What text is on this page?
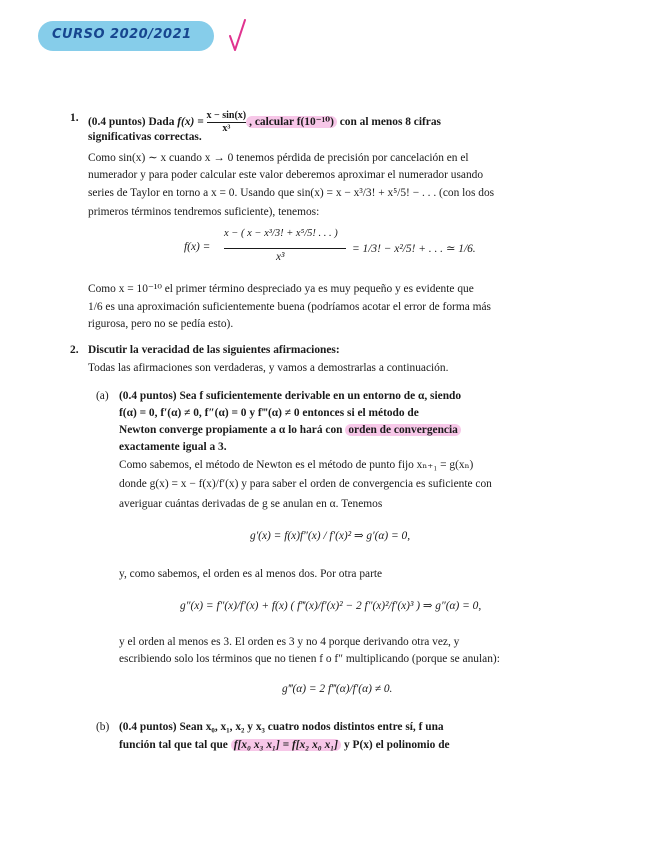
CURSO 2020/2021
1. (0.4 puntos) Dada $f(x) = \frac{x - \sin(x)}{\text{x³}}$ , calcular f(10⁻¹⁰) con al menos 8 cifras
significativas correctas.
Como sin(x) ∼ x cuando x → 0 tenemos pérdida de precisión por cancelación en el
numerador y para poder calcular este valor deberemos aproximar el numerador usando
series de Taylor en torno a x = 0. Usando que sin(x) = x − x³/3! + x⁵/5! − . . . (con los dos
primeros términos tendremos suficiente), tenemos:
f(x) =
x − ( x − x³/3! + x⁵/5! . . . )
x³
= 1/3! − x²/5! + . . . ≃ 1/6.
Como x = 10⁻¹⁰ el primer término despreciado ya es muy pequeño y es evidente que
1/6 es una aproximación suficientemente buena (podríamos acotar el error de forma más
rigurosa, pero no se pedía esto).
2. Discutir la veracidad de las siguientes afirmaciones:
Todas las afirmaciones son verdaderas, y vamos a demostrarlas a continuación.
(a) (0.4 puntos) Sea f suficientemente derivable en un entorno de α, siendo
f(α) = 0, f′(α) ≠ 0, f″(α) = 0 y f‴(α) ≠ 0 entonces si el método de
Newton converge propiamente a α lo hará con orden de convergencia
exactamente igual a 3.
Como sabemos, el método de Newton es el método de punto fijo xₙ₊₁ = g(xₙ)
donde g(x) = x − f(x)/f′(x) y para saber el orden de convergencia es suficiente con
averiguar cuántas derivadas de g se anulan en α. Tenemos
g′(x) = f(x)f″(x) / f′(x)² ⇒ g′(α) = 0,
y, como sabemos, el orden es al menos dos. Por otra parte
g″(x) = f″(x)/f′(x) + f(x) ( f‴(x)/f′(x)² − 2 f″(x)²/f′(x)³ ) ⇒ g″(α) = 0,
y el orden al menos es 3. El orden es 3 y no 4 porque derivando otra vez, y
escribiendo solo los términos que no tienen f o f″ multiplicando (porque se anulan):
g‴(α) = 2 f‴(α)/f′(α) ≠ 0.
(b) (0.4 puntos) Sean x₀, x₁, x₂ y x₃ cuatro nodos distintos entre sí, f una
función tal que tal que f[x₀ x₃ x₁] = f[x₂ x₀ x₁] y P(x) el polinomio de
